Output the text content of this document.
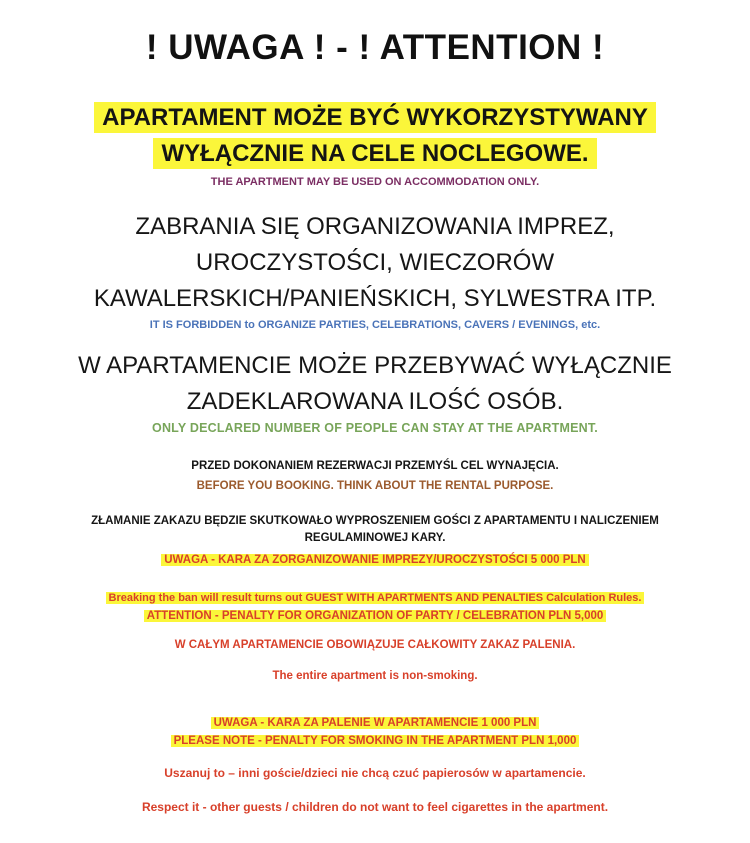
! UWAGA ! - ! ATTENTION !
APARTAMENT MOŻE BYĆ WYKORZYSTYWANY
WYŁĄCZNIE NA CELE NOCLEGOWE.
THE APARTMENT MAY BE USED ON ACCOMMODATION ONLY.
ZABRANIA SIĘ ORGANIZOWANIA IMPREZ,
UROCZYSTOŚCI, WIECZORÓW
KAWALERSKICH/PANIEŃSKICH, SYLWESTRA ITP.
IT IS FORBIDDEN to ORGANIZE PARTIES, CELEBRATIONS, CAVERS / EVENINGS, etc.
W APARTAMENCIE MOŻE PRZEBYWAĆ WYŁĄCZNIE
ZADEKLAROWANA ILOŚĆ OSÓB.
ONLY DECLARED NUMBER OF PEOPLE CAN STAY AT THE APARTMENT.
PRZED DOKONANIEM REZERWACJI PRZEMYŚL CEL WYNAJĘCIA.
BEFORE YOU BOOKING. THINK ABOUT THE RENTAL PURPOSE.
ZŁAMANIE ZAKAZU BĘDZIE SKUTKOWAŁO WYPROSZENIEM GOŚCI Z APARTAMENTU I NALICZENIEM
REGULAMINOWEJ KARY.
UWAGA - KARA ZA ZORGANIZOWANIE IMPREZY/UROCZYSTOŚCI 5 000 PLN
Breaking the ban will result turns out GUEST WITH APARTMENTS AND PENALTIES Calculation Rules.
ATTENTION - PENALTY FOR ORGANIZATION OF PARTY / CELEBRATION PLN 5,000
W CAŁYM APARTAMENCIE OBOWIĄZUJE CAŁKOWITY ZAKAZ PALENIA.
The entire apartment is non-smoking.
UWAGA - KARA ZA PALENIE W APARTAMENCIE 1 000 PLN
PLEASE NOTE - PENALTY FOR SMOKING IN THE APARTMENT PLN 1,000
Uszanuj to – inni goście/dzieci nie chcą czuć papierosów w apartamencie.
Respect it - other guests / children do not want to feel cigarettes in the apartment.
